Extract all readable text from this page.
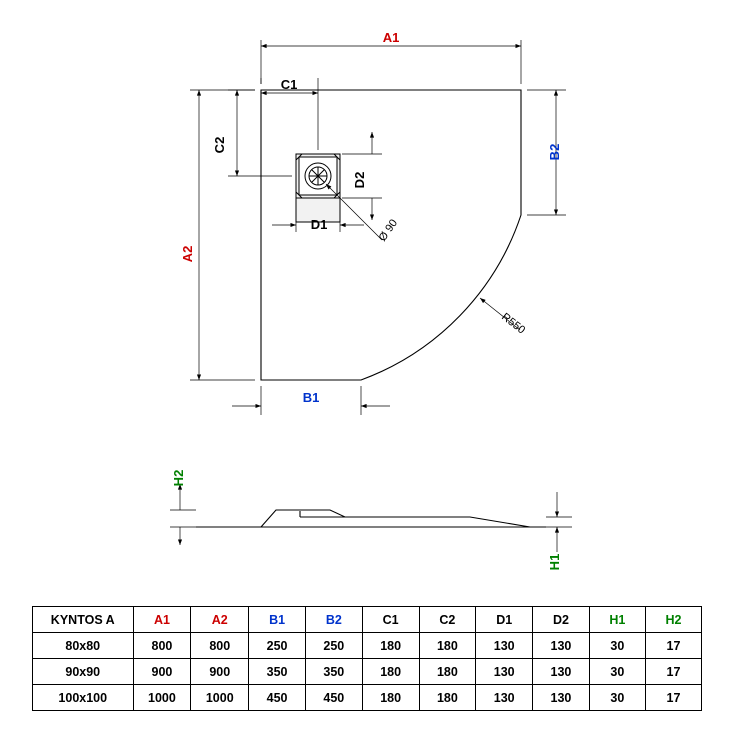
A1
A2
B1
B2
C1
C2
D1
D2
Ø 90
R550
H2
H1
KYNTOS A	A1	A2	B1	B2	C1	C2	D1	D2	H1	H2
80x80	800	800	250	250	180	180	130	130	30	17
90x90	900	900	350	350	180	180	130	130	30	17
100x100	1000	1000	450	450	180	180	130	130	30	17
